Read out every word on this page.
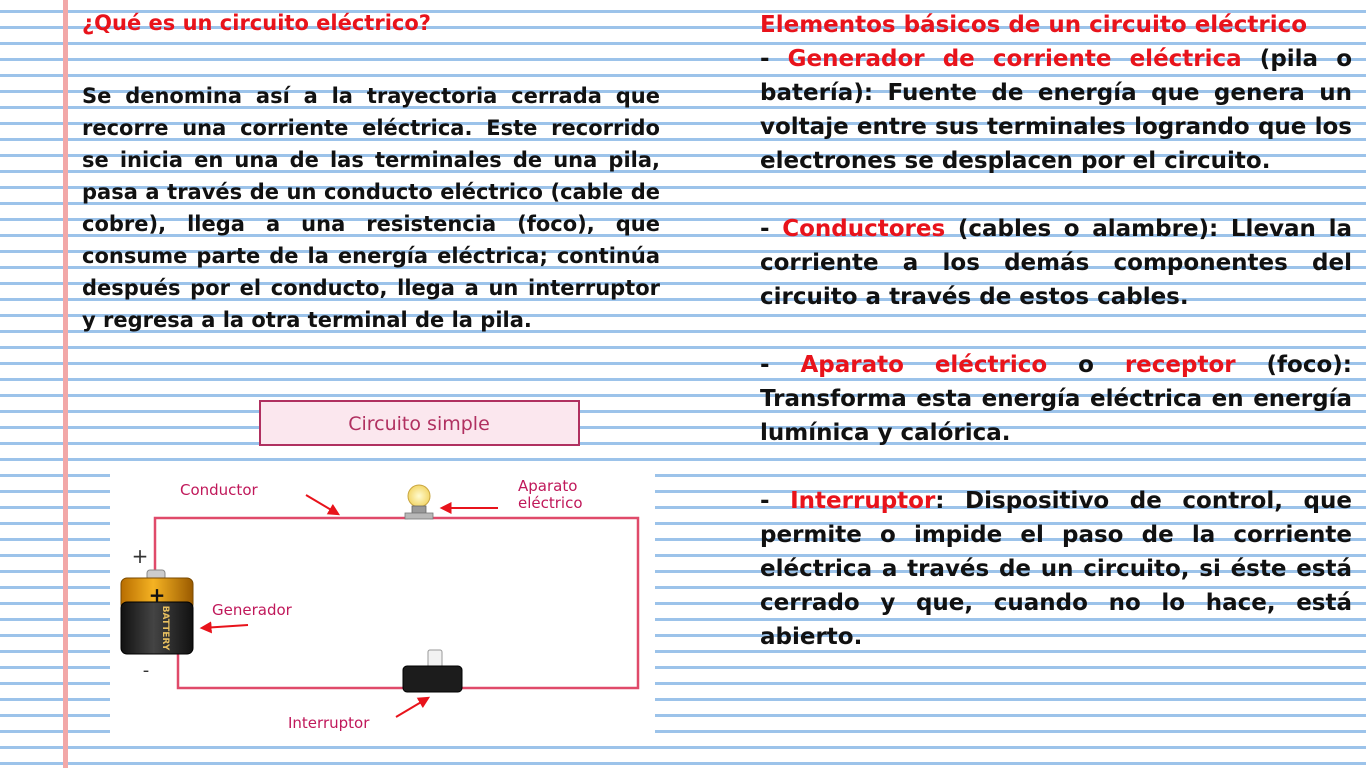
¿Qué es un circuito eléctrico?

Se denomina así a la trayectoria cerrada que recorre una corriente eléctrica. Este recorrido se inicia en una de las terminales de una pila, pasa a través de un conducto eléctrico (cable de cobre), llega a una resistencia (foco), que consume parte de la energía eléctrica; continúa después por el conducto, llega a un interruptor y regresa a la otra terminal de la pila.

Circuito simple
+
BATTERY
+
-
Conductor	Aparato
eléctrico
Generador
Interruptor
Elementos básicos de un circuito eléctrico

- Generador de corriente eléctrica (pila o batería): Fuente de energía que genera un voltaje entre sus terminales logrando que los electrones se desplacen por el circuito.

- Conductores (cables o alambre): Llevan la corriente a los demás componentes del circuito a través de estos cables.

- Aparato eléctrico o receptor (foco): Transforma esta energía eléctrica en energía lumínica y calórica.

- Interruptor: Dispositivo de control, que permite o impide el paso de la corriente eléctrica a través de un circuito, si éste está cerrado y que, cuando no lo hace, está abierto.
